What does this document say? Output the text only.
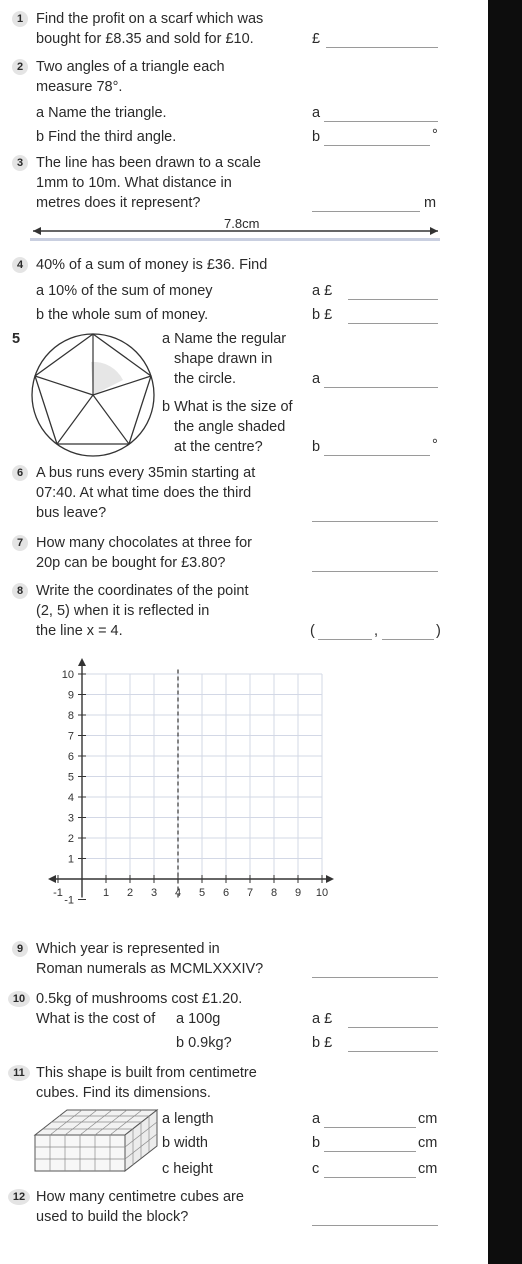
1 Find the profit on a scarf which was
bought for £8.35 and sold for £10.	£
2 Two angles of a triangle each
measure 78°.
a Name the triangle.	a
b Find the third angle.	b	°
3 The line has been drawn to a scale
1mm to 10m. What distance in
metres does it represent?	m
7.8cm
4 40% of a sum of money is £36. Find
a 10% of the sum of money	a £
b the whole sum of money.	b £
5	a Name the regular
shape drawn in
the circle.	a
b What is the size of
the angle shaded
at the centre?	b	°
6 A bus runs every 35min starting at
07:40. At what time does the third
bus leave?
7 How many chocolates at three for
20p can be bought for £3.80?
8 Write the coordinates of the point
(2, 5) when it is reflected in
the line x = 4.	(	,	)
-1	1 2 3 4 5 6 7 8 9 10
-1
1
2
3
4
5
6
7
8
9
10
9 Which year is represented in
Roman numerals as MCMLXXXIV?
10 0.5kg of mushrooms cost £1.20.
What is the cost of a 100g	a £
b 0.9kg?	b £
11 This shape is built from centimetre
cubes. Find its dimensions.
a length	a	cm
b width	b	cm
c height	c	cm
12 How many centimetre cubes are
used to build the block?
